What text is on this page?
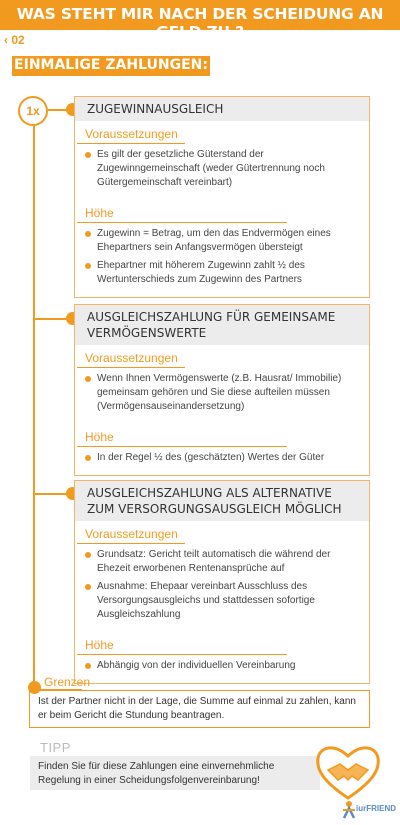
WAS STEHT MIR NACH DER SCHEIDUNG AN GELD ZU ?
‹ 02
EINMALIGE ZAHLUNGEN:
1x	ZUGEWINNAUSGLEICH
Voraussetzungen
Es gilt der gesetzliche Güterstand der Zugewinngemeinschaft (weder Gütertrennung noch Gütergemeinschaft vereinbart)
Höhe
Zugewinn = Betrag, um den das Endvermögen eines Ehepartners sein Anfangsvermögen übersteigt
Ehepartner mit höherem Zugewinn zahlt ½ des Wertunterschieds zum Zugewinn des Partners
AUSGLEICHSZAHLUNG FÜR GEMEINSAME VERMÖGENSWERTE
Voraussetzungen
Wenn Ihnen Vermögenswerte (z.B. Hausrat/ Immobilie) gemeinsam gehören und Sie diese aufteilen müssen (Vermögensauseinandersetzung)
Höhe
In der Regel ½ des (geschätzten) Wertes der Güter
AUSGLEICHSZAHLUNG ALS ALTERNATIVE ZUM VERSORGUNGSAUSGLEICH MÖGLICH
Voraussetzungen
Grundsatz: Gericht teilt automatisch die während der Ehezeit erworbenen Rentenansprüche auf
Ausnahme: Ehepaar vereinbart Ausschluss des Versorgungsausgleichs und stattdessen sofortige Ausgleichszahlung
Höhe
Abhängig von der individuellen Vereinbarung
Grenzen
Ist der Partner nicht in der Lage, die Summe auf einmal zu zahlen, kann er beim Gericht die Stundung beantragen.
TIPP
Finden Sie für diese Zahlungen eine einvernehmliche Regelung in einer Scheidungsfolgenvereinbarung!
iurFRIEND
